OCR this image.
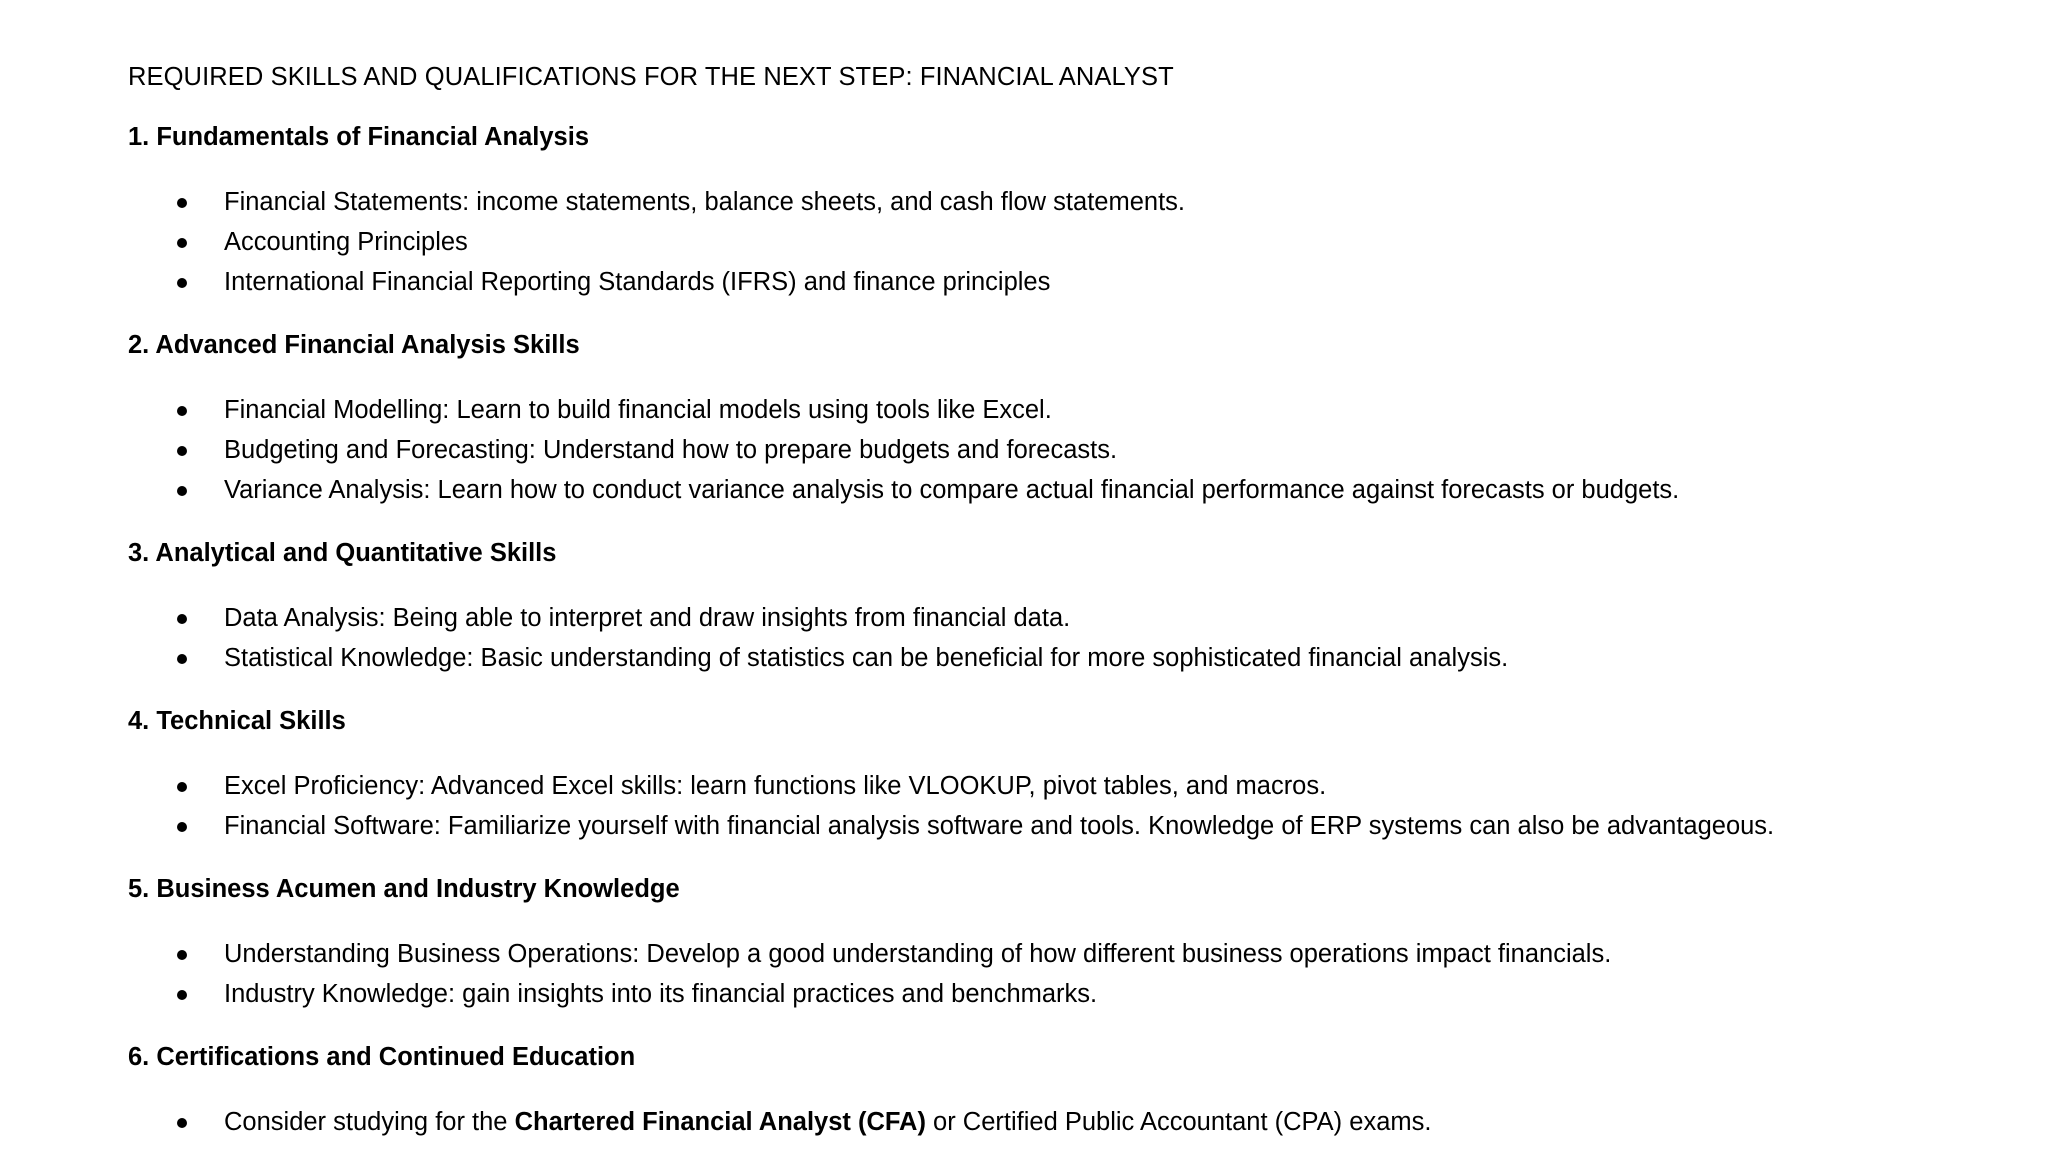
REQUIRED SKILLS AND QUALIFICATIONS FOR THE NEXT STEP: FINANCIAL ANALYST
1. Fundamentals of Financial Analysis
Financial Statements: income statements, balance sheets, and cash flow statements.
Accounting Principles
International Financial Reporting Standards (IFRS) and finance principles
2. Advanced Financial Analysis Skills
Financial Modelling: Learn to build financial models using tools like Excel.
Budgeting and Forecasting: Understand how to prepare budgets and forecasts.
Variance Analysis: Learn how to conduct variance analysis to compare actual financial performance against forecasts or budgets.
3. Analytical and Quantitative Skills
Data Analysis: Being able to interpret and draw insights from financial data.
Statistical Knowledge: Basic understanding of statistics can be beneficial for more sophisticated financial analysis.
4. Technical Skills
Excel Proficiency: Advanced Excel skills: learn functions like VLOOKUP, pivot tables, and macros.
Financial Software: Familiarize yourself with financial analysis software and tools. Knowledge of ERP systems can also be advantageous.
5. Business Acumen and Industry Knowledge
Understanding Business Operations: Develop a good understanding of how different business operations impact financials.
Industry Knowledge: gain insights into its financial practices and benchmarks.
6. Certifications and Continued Education
Consider studying for the Chartered Financial Analyst (CFA) or Certified Public Accountant (CPA) exams.
